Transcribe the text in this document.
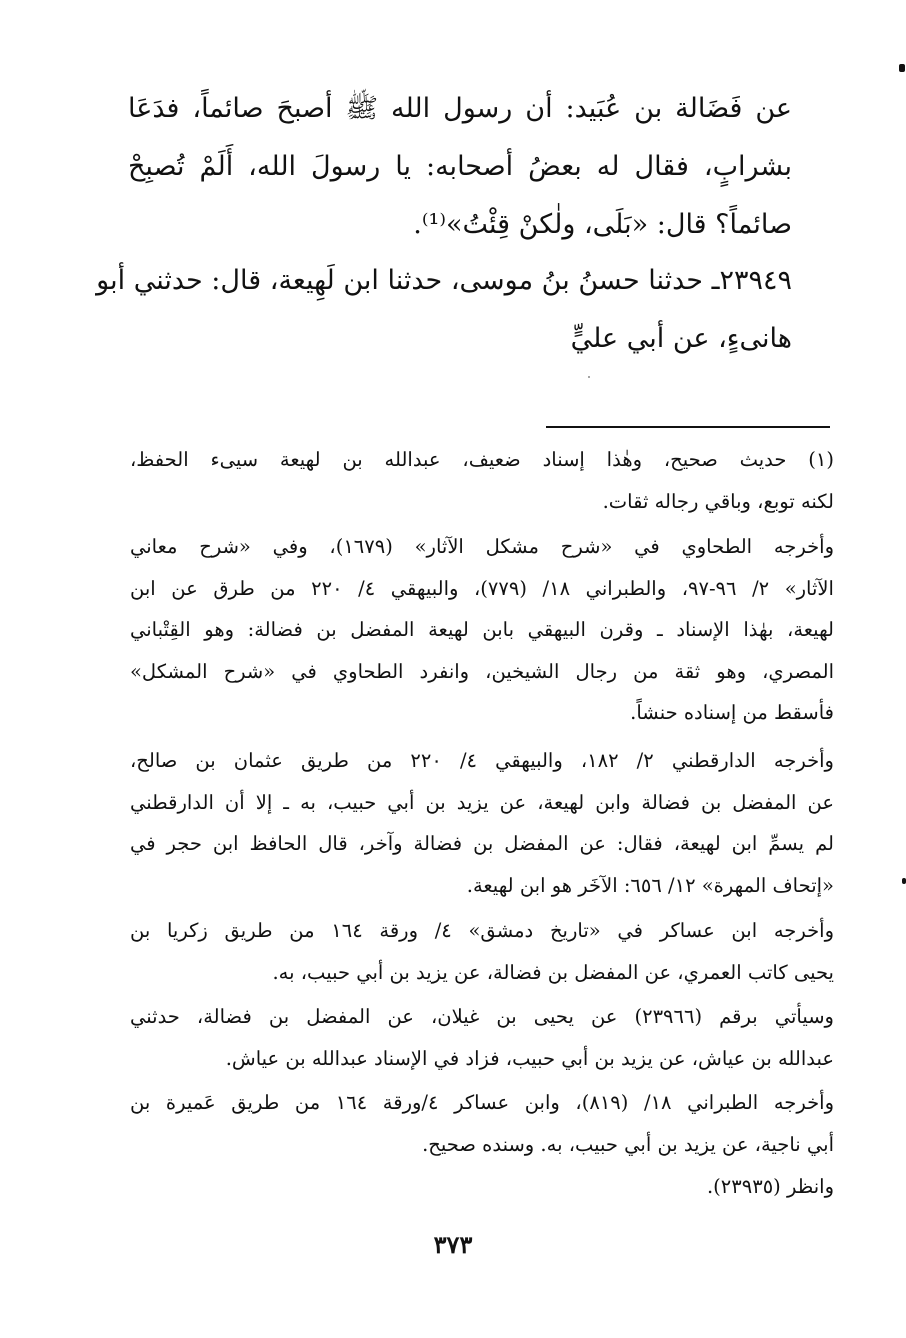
عن فَضَالة بن عُبَيد: أن رسول الله ﷺ أصبحَ صائماً، فدَعَا
بشرابٍ، فقال له بعضُ أصحابه: يا رسولَ الله، أَلَمْ تُصبِحْ
صائماً؟ قال: «بَلَى، ولٰكنْ قِئْتُ»⁽¹⁾.
٢٣٩٤٩ـ حدثنا حسنُ بنُ موسى، حدثنا ابن لَهِيعة، قال: حدثني أبو
هانىءٍ، عن أبي عليٍّ
(١) حديث صحيح، وهٰذا إسناد ضعيف، عبدالله بن لهيعة سيىء الحفظ،
لكنه توبع، وباقي رجاله ثقات.
وأخرجه الطحاوي في «شرح مشكل الآثار» (١٦٧٩)، وفي «شرح معاني
الآثار» ٢/ ٩٦-٩٧، والطبراني ١٨/ (٧٧٩)، والبيهقي ٤/ ٢٢٠ من طرق عن ابن
لهيعة، بهٰذا الإسناد ـ وقرن البيهقي بابن لهيعة المفضل بن فضالة: وهو القِتْباني
المصري، وهو ثقة من رجال الشيخين، وانفرد الطحاوي في «شرح المشكل»
فأسقط من إسناده حنشاً.
وأخرجه الدارقطني ٢/ ١٨٢، والبيهقي ٤/ ٢٢٠ من طريق عثمان بن صالح،
عن المفضل بن فضالة وابن لهيعة، عن يزيد بن أبي حبيب، به ـ إلا أن الدارقطني
لم يسمِّ ابن لهيعة، فقال: عن المفضل بن فضالة وآخر، قال الحافظ ابن حجر في
«إتحاف المهرة» ١٢/ ٦٥٦: الآخَر هو ابن لهيعة.
وأخرجه ابن عساكر في «تاريخ دمشق» ٤/ ورقة ١٦٤ من طريق زكريا بن
يحيى كاتب العمري، عن المفضل بن فضالة، عن يزيد بن أبي حبيب، به.
وسيأتي برقم (٢٣٩٦٦) عن يحيى بن غيلان، عن المفضل بن فضالة، حدثني
عبدالله بن عياش، عن يزيد بن أبي حبيب، فزاد في الإسناد عبدالله بن عياش.
وأخرجه الطبراني ١٨/ (٨١٩)، وابن عساكر ٤/ورقة ١٦٤ من طريق عَميرة بن
أبي ناجية، عن يزيد بن أبي حبيب، به. وسنده صحيح.
وانظر (٢٣٩٣٥).
٣٧٣
